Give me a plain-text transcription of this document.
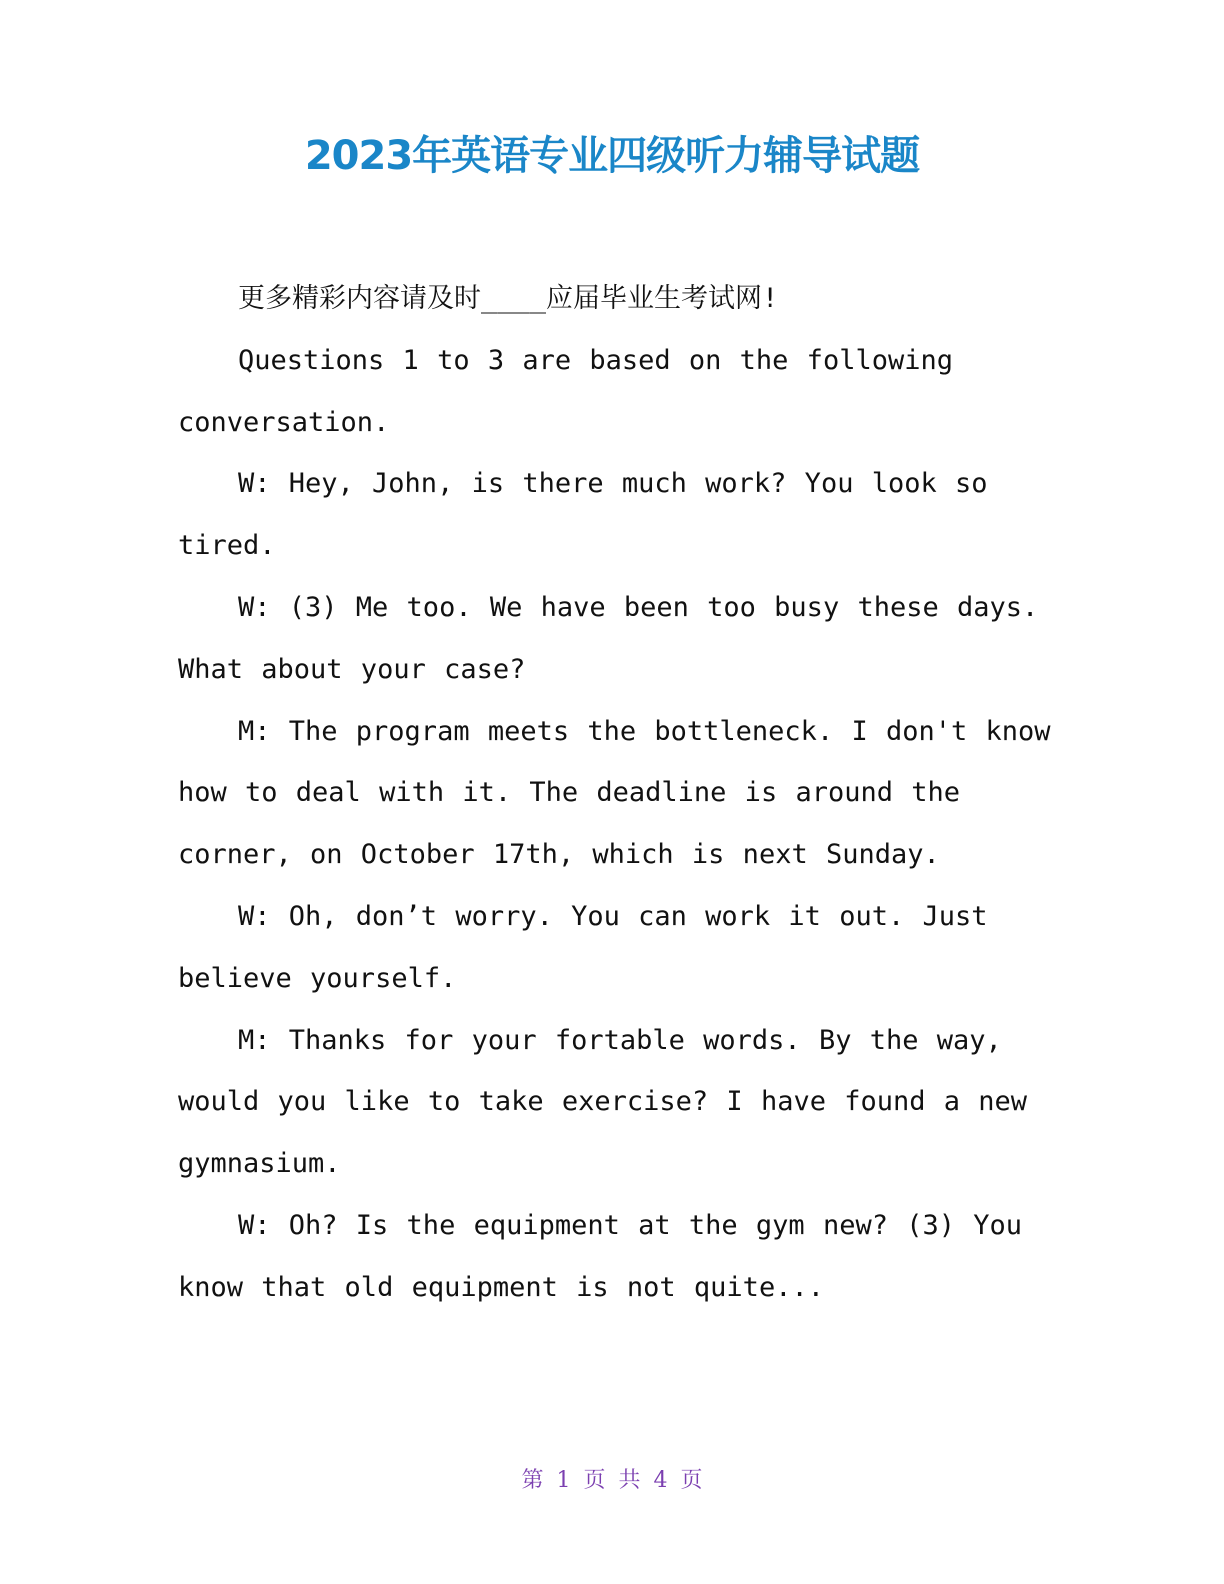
2023年英语专业四级听力辅导试题

更多精彩内容请及时____应届毕业生考试网!

Questions 1 to 3 are based on the following conversation.

W: Hey, John, is there much work? You look so tired.

W: (3) Me too. We have been too busy these days. What about your case?

M: The program meets the bottleneck. I don't know how to deal with it. The deadline is around the corner, on October 17th, which is next Sunday.

W: Oh, don’t worry. You can work it out. Just believe yourself.

M: Thanks for your fortable words. By the way, would you like to take exercise? I have found a new gymnasium.

W: Oh? Is the equipment at the gym new? (3) You know that old equipment is not quite...

第 1 页 共 4 页
